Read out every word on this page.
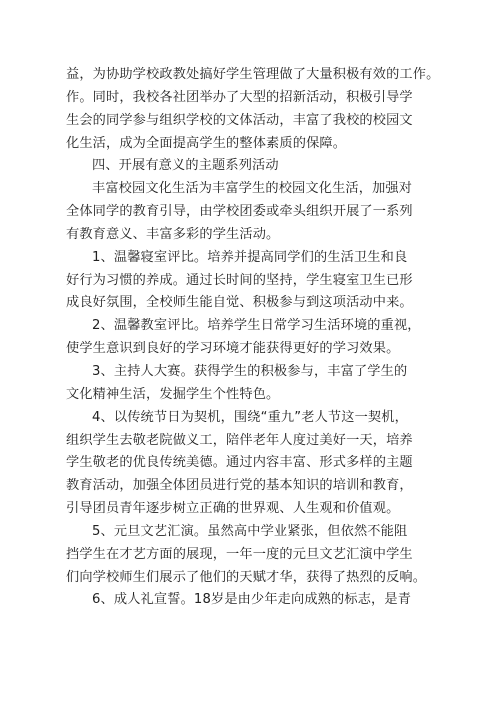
益，为协助学校政教处搞好学生管理做了大量积极有效的工作。
作。同时，我校各社团举办了大型的招新活动，积极引导学
生会的同学参与组织学校的文体活动，丰富了我校的校园文
化生活，成为全面提高学生的整体素质的保障。
四、开展有意义的主题系列活动
丰富校园文化生活为丰富学生的校园文化生活，加强对
全体同学的教育引导，由学校团委或牵头组织开展了一系列
有教育意义、丰富多彩的学生活动。
1、温馨寝室评比。培养并提高同学们的生活卫生和良
好行为习惯的养成。通过长时间的坚持，学生寝室卫生已形
成良好氛围，全校师生能自觉、积极参与到这项活动中来。
2、温馨教室评比。培养学生日常学习生活环境的重视，
使学生意识到良好的学习环境才能获得更好的学习效果。
3、主持人大赛。获得学生的积极参与，丰富了学生的
文化精神生活，发掘学生个性特色。
4、以传统节日为契机，围绕“重九”老人节这一契机，
组织学生去敬老院做义工，陪伴老年人度过美好一天，培养
学生敬老的优良传统美德。通过内容丰富、形式多样的主题
教育活动，加强全体团员进行党的基本知识的培训和教育，
引导团员青年逐步树立正确的世界观、人生观和价值观。
5、元旦文艺汇演。虽然高中学业紧张，但依然不能阻
挡学生在才艺方面的展现，一年一度的元旦文艺汇演中学生
们向学校师生们展示了他们的天赋才华，获得了热烈的反响。
6、成人礼宣誓。18岁是由少年走向成熟的标志，是青
